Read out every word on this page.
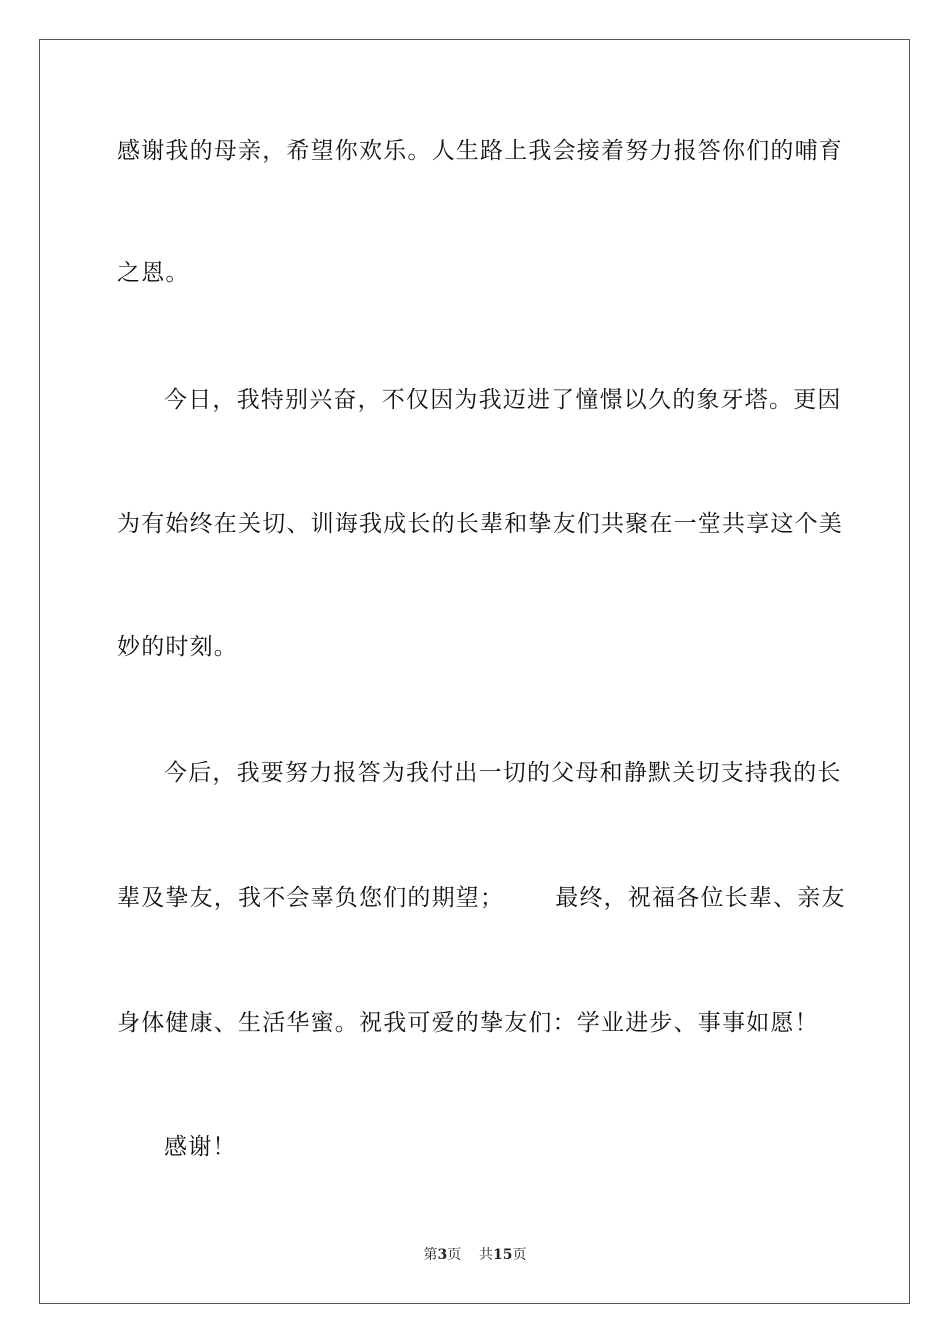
感谢我的母亲，希望你欢乐。人生路上我会接着努力报答你们的哺育
之恩。
今日，我特别兴奋，不仅因为我迈进了憧憬以久的象牙塔。更因
为有始终在关切、训诲我成长的长辈和挚友们共聚在一堂共享这个美
妙的时刻。
今后，我要努力报答为我付出一切的父母和静默关切支持我的长
辈及挚友，我不会辜负您们的期望；      最终，祝福各位长辈、亲友
身体健康、生活华蜜。祝我可爱的挚友们：学业进步、事事如愿！
感谢！
第3页 共15页
